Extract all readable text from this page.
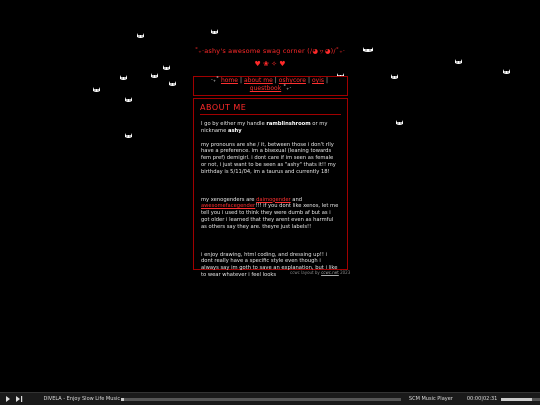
˚₊‧ashy's awesome swag corner (/◕ヮ◕)/˚₊‧
♥ ❀ ✧ ♥
‧₊˚ home | about me | oshycore | oyis |
guestbook ˚₊‧
ABOUT ME

I go by either my handle ramblinshroom or my nickname ashy

my pronouns are she / it, between those i don't rlly have a preference. im a bisexual (leaning towards fem pref) demigirl. i dont care if im seen as female or not, i just want to be seen as "ashy" thats it!! my birthday is 5/11/04, im a taurus and currently 18!

my xenogenders are daimogender and awesomefacegender!!! if you dont like xenos, let me tell you i used to think they were dumb af but as i got older i learned that they arent even as harmful as others say they are. theyre just labels!!

i enjoy drawing, html coding, and dressing up!! i dont really have a specific style even though i always say im goth to save an explanation, but i like to wear whatever i feel looks	ccwc layout by ccwc.net 2023
DIVELA - Enjoy Slow Life Music	SCM Music Player	00:00|02:31
